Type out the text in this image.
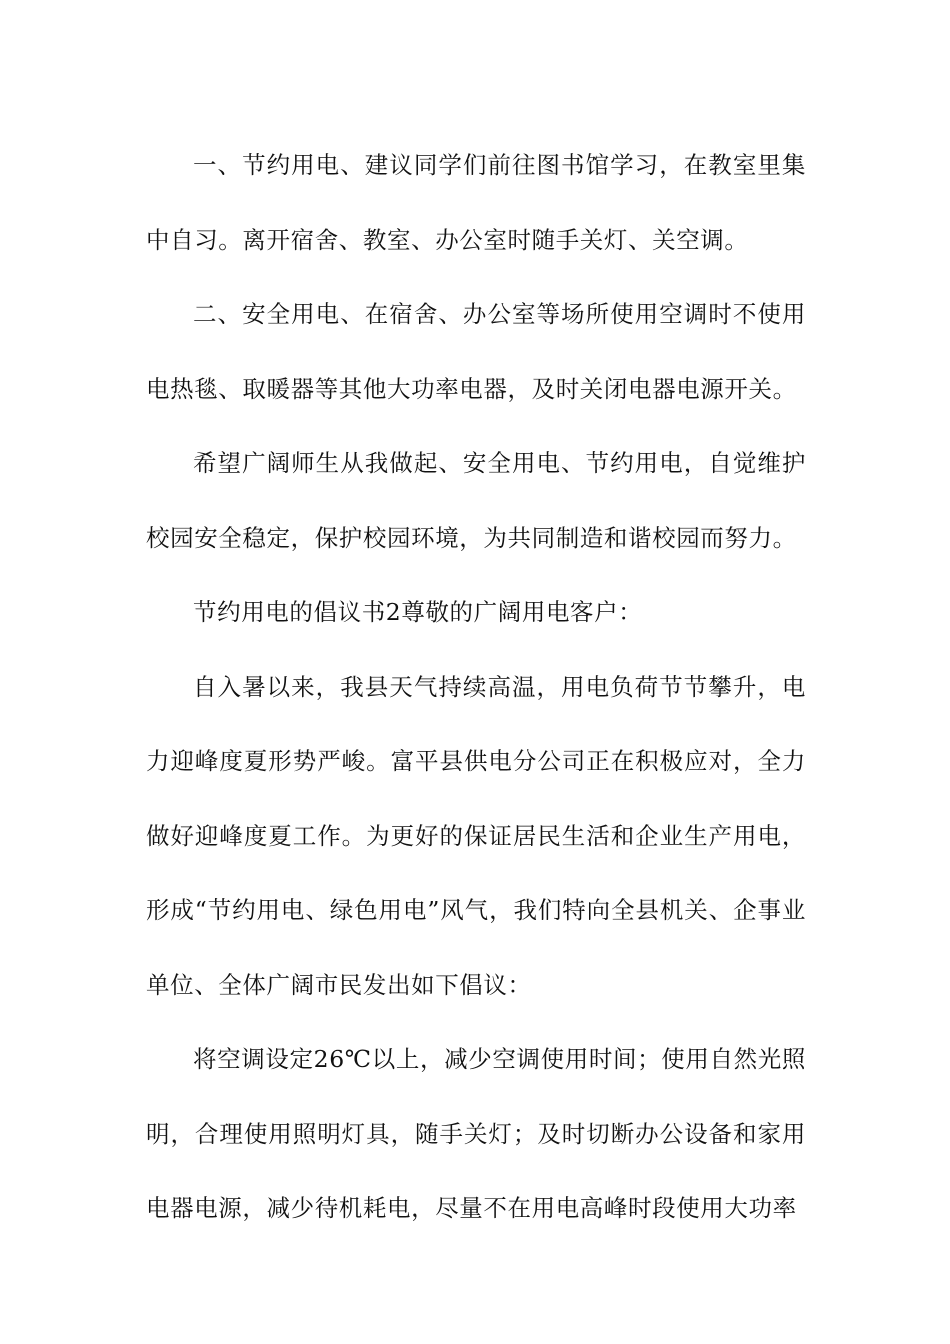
一、节约用电、建议同学们前往图书馆学习，在教室里集中自习。离开宿舍、教室、办公室时随手关灯、关空调。

二、安全用电、在宿舍、办公室等场所使用空调时不使用电热毯、取暖器等其他大功率电器，及时关闭电器电源开关。

希望广阔师生从我做起、安全用电、节约用电，自觉维护校园安全稳定，保护校园环境，为共同制造和谐校园而努力。

节约用电的倡议书2尊敬的广阔用电客户：

自入暑以来，我县天气持续高温，用电负荷节节攀升，电力迎峰度夏形势严峻。富平县供电分公司正在积极应对，全力做好迎峰度夏工作。为更好的保证居民生活和企业生产用电，形成“节约用电、绿色用电”风气，我们特向全县机关、企事业单位、全体广阔市民发出如下倡议：

将空调设定26℃以上，减少空调使用时间；使用自然光照明，合理使用照明灯具，随手关灯；及时切断办公设备和家用电器电源，减少待机耗电，尽量不在用电高峰时段使用大功率
